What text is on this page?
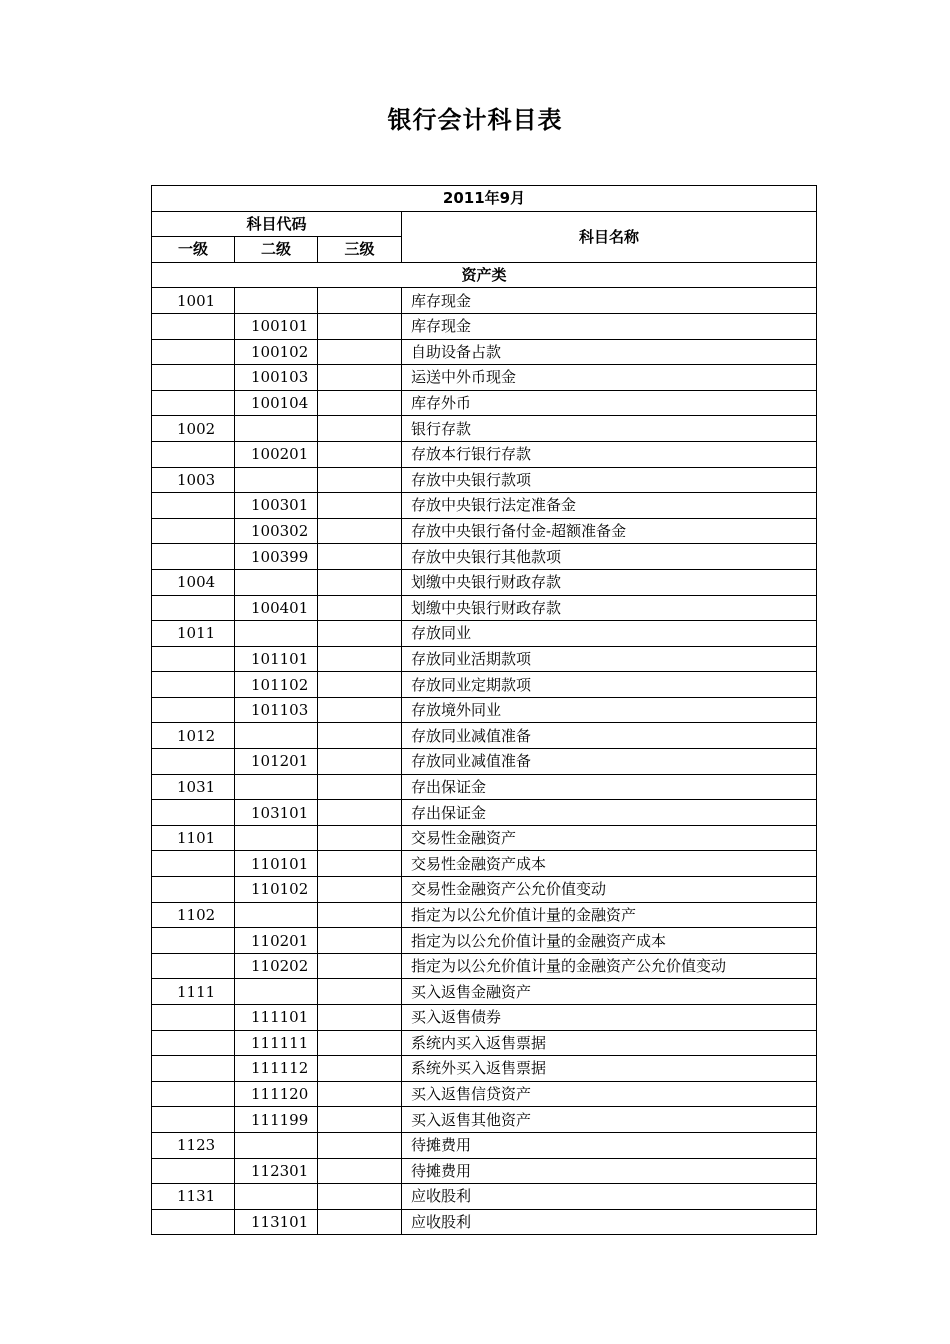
银行会计科目表
2011年9月			
科目代码			科目名称
一级	二级	三级	
资产类			
1001			库存现金
	100101		库存现金
	100102		自助设备占款
	100103		运送中外币现金
	100104		库存外币
1002			银行存款
	100201		存放本行银行存款
1003			存放中央银行款项
	100301		存放中央银行法定准备金
	100302		存放中央银行备付金-超额准备金
	100399		存放中央银行其他款项
1004			划缴中央银行财政存款
	100401		划缴中央银行财政存款
1011			存放同业
	101101		存放同业活期款项
	101102		存放同业定期款项
	101103		存放境外同业
1012			存放同业减值准备
	101201		存放同业减值准备
1031			存出保证金
	103101		存出保证金
1101			交易性金融资产
	110101		交易性金融资产成本
	110102		交易性金融资产公允价值变动
1102			指定为以公允价值计量的金融资产
	110201		指定为以公允价值计量的金融资产成本
	110202		指定为以公允价值计量的金融资产公允价值变动
1111			买入返售金融资产
	111101		买入返售债券
	111111		系统内买入返售票据
	111112		系统外买入返售票据
	111120		买入返售信贷资产
	111199		买入返售其他资产
1123			待摊费用
	112301		待摊费用
1131			应收股利
	113101		应收股利
